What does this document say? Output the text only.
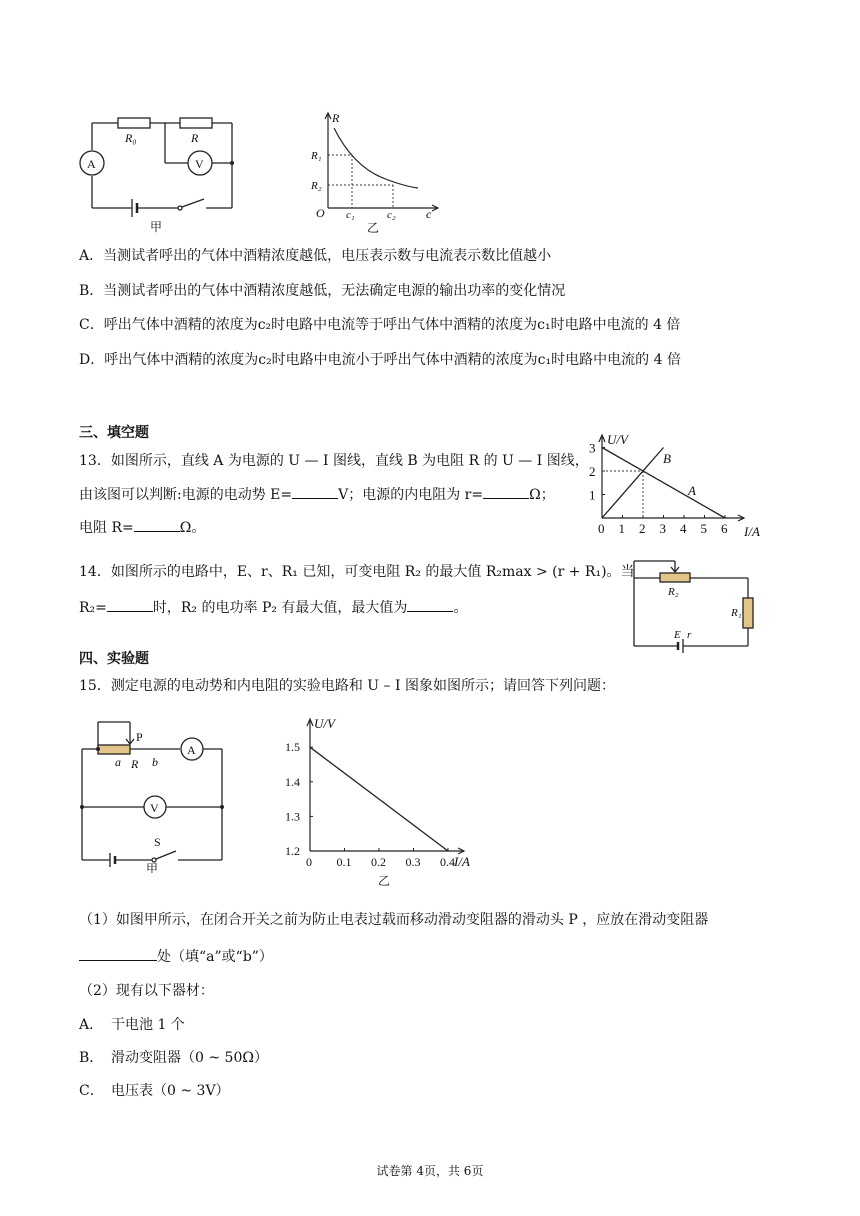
R₀	R
A	V
甲
R
c
O
R₁
R₂
c₁	c₂
乙
A．当测试者呼出的气体中酒精浓度越低，电压表示数与电流表示数比值越小
B．当测试者呼出的气体中酒精浓度越低，无法确定电源的输出功率的变化情况
C．呼出气体中酒精的浓度为c₂时电路中电流等于呼出气体中酒精的浓度为c₁时电路中电流的 4 倍
D．呼出气体中酒精的浓度为c₂时电路中电流小于呼出气体中酒精的浓度为c₁时电路中电流的 4 倍
三、填空题
13．如图所示，直线 A 为电源的 U — I 图线，直线 B 为电阻 R 的 U — I 图线，
由该图可以判断:电源的电动势 E=	V；电源的内电阻为 r=	Ω；
电阻 R=	Ω。	0 1 2 3 4 5 6
1
2
3
U/V
I/A
A
B
14．如图所示的电路中，E、r、R₁ 已知，可变电阻 R₂ 的最大值 R₂max > (r + R₁)。当
R₂=	时，R₂ 的电功率 P₂ 有最大值，最大值为	。
R₂
R₁
E r
四、实验题
15．测定电源的电动势和内电阻的实验电路和 U – I 图象如图所示；请回答下列问题：
P
a R b
A
V
S
甲	0 0.1 0.2 0.3 0.4
1.2
1.3
1.4
1.5
U/V
I/A
乙
（1）如图甲所示，在闭合开关之前为防止电表过载而移动滑动变阻器的滑动头 P ，应放在滑动变阻器
处（填“a”或“b”）
（2）现有以下器材：
A． 干电池 1 个
B． 滑动变阻器（0 ~ 50Ω）
C． 电压表（0 ~ 3V）
试卷第 4页，共 6页
